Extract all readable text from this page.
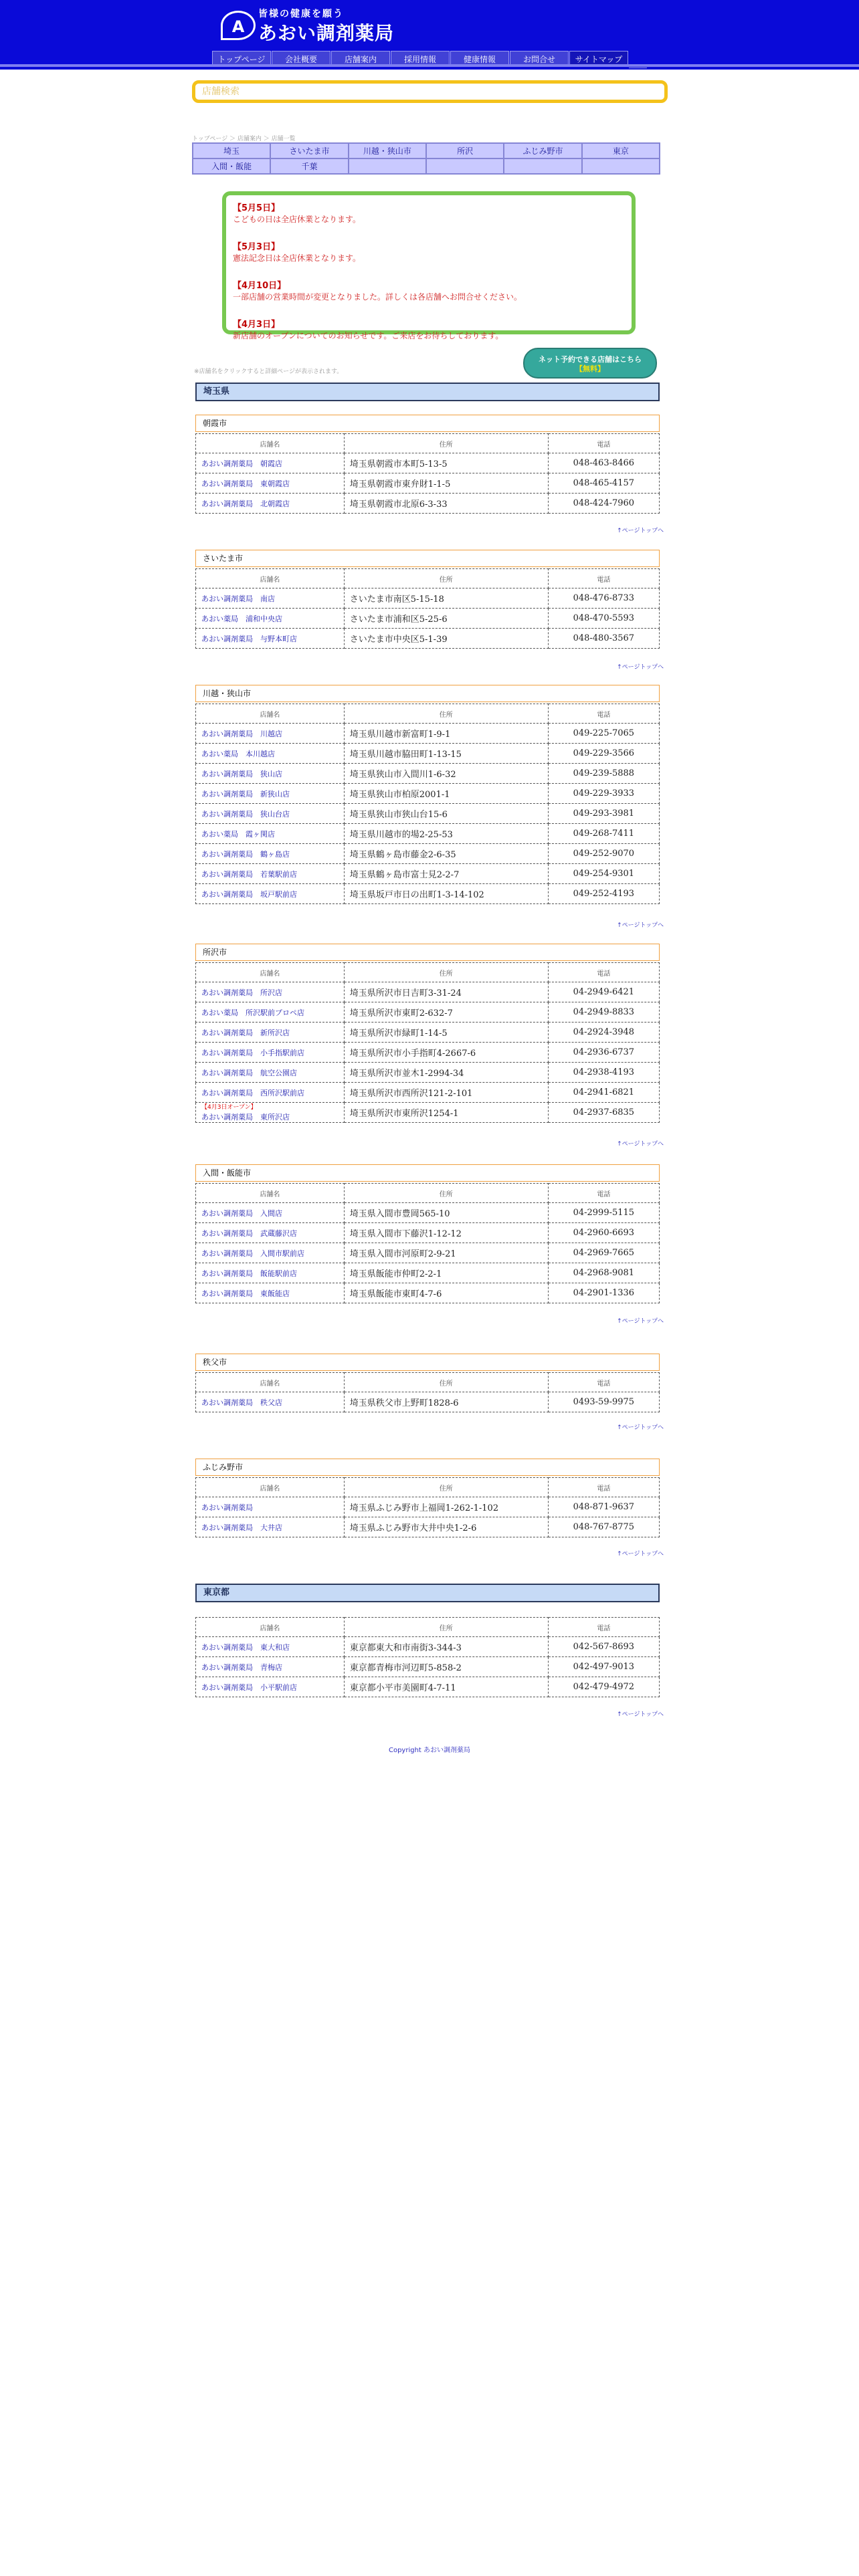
A
皆様の健康を願う
あおい調剤薬局
トップページ	会社概要	店舗案内	採用情報	健康情報	お問合せ	サイトマップ
店舗検索
トップページ ＞ 店舗案内 ＞ 店舗一覧
埼玉	さいたま市	川越・狭山市	所沢	ふじみ野市	東京
入間・飯能	千葉				
【5月5日】
こどもの日は全店休業となります。
【5月3日】
憲法記念日は全店休業となります。
【4月10日】
一部店舗の営業時間が変更となりました。詳しくは各店舗へお問合せください。
【4月3日】
新店舗のオープンについてのお知らせです。ご来店をお待ちしております。
ネット予約できる店舗はこちら
【無料】
※店舗名をクリックすると詳細ページが表示されます。
埼玉県
朝霞市
店舗名	住所	電話
あおい調剤薬局　朝霞店	埼玉県朝霞市本町5-13-5	048-463-8466
あおい調剤薬局　東朝霞店	埼玉県朝霞市東弁財1-1-5	048-465-4157
あおい調剤薬局　北朝霞店	埼玉県朝霞市北原6-3-33	048-424-7960
↑ページトップへ
さいたま市
店舗名	住所	電話
あおい調剤薬局　南店	さいたま市南区5-15-18	048-476-8733
あおい薬局　浦和中央店	さいたま市浦和区5-25-6	048-470-5593
あおい調剤薬局　与野本町店	さいたま市中央区5-1-39	048-480-3567
↑ページトップへ
川越・狭山市
店舗名	住所	電話
あおい調剤薬局　川越店	埼玉県川越市新富町1-9-1	049-225-7065
あおい薬局　本川越店	埼玉県川越市脇田町1-13-15	049-229-3566
あおい調剤薬局　狭山店	埼玉県狭山市入間川1-6-32	049-239-5888
あおい調剤薬局　新狭山店	埼玉県狭山市柏原2001-1	049-229-3933
あおい調剤薬局　狭山台店	埼玉県狭山市狭山台15-6	049-293-3981
あおい薬局　霞ヶ関店	埼玉県川越市的場2-25-53	049-268-7411
あおい調剤薬局　鶴ヶ島店	埼玉県鶴ヶ島市藤金2-6-35	049-252-9070
あおい調剤薬局　若葉駅前店	埼玉県鶴ヶ島市富士見2-2-7	049-254-9301
あおい調剤薬局　坂戸駅前店	埼玉県坂戸市日の出町1-3-14-102	049-252-4193
↑ページトップへ
所沢市
店舗名	住所	電話
あおい調剤薬局　所沢店	埼玉県所沢市日吉町3-31-24	04-2949-6421
あおい薬局　所沢駅前プロペ店	埼玉県所沢市東町2-632-7	04-2949-8833
あおい調剤薬局　新所沢店	埼玉県所沢市緑町1-14-5	04-2924-3948
あおい調剤薬局　小手指駅前店	埼玉県所沢市小手指町4-2667-6	04-2936-6737
あおい調剤薬局　航空公園店	埼玉県所沢市並木1-2994-34	04-2938-4193
あおい調剤薬局　西所沢駅前店	埼玉県所沢市西所沢121-2-101	04-2941-6821

【4月3日オープン】
あおい調剤薬局　東所沢店	埼玉県所沢市東所沢1254-1	04-2937-6835
↑ページトップへ
入間・飯能市
店舗名	住所	電話
あおい調剤薬局　入間店	埼玉県入間市豊岡565-10	04-2999-5115
あおい調剤薬局　武蔵藤沢店	埼玉県入間市下藤沢1-12-12	04-2960-6693
あおい調剤薬局　入間市駅前店	埼玉県入間市河原町2-9-21	04-2969-7665
あおい調剤薬局　飯能駅前店	埼玉県飯能市仲町2-2-1	04-2968-9081
あおい調剤薬局　東飯能店	埼玉県飯能市東町4-7-6	04-2901-1336
↑ページトップへ
秩父市
店舗名	住所	電話
あおい調剤薬局　秩父店	埼玉県秩父市上野町1828-6	0493-59-9975
↑ページトップへ
ふじみ野市
店舗名	住所	電話
あおい調剤薬局	埼玉県ふじみ野市上福岡1-262-1-102	048-871-9637
あおい調剤薬局　大井店	埼玉県ふじみ野市大井中央1-2-6	048-767-8775
↑ページトップへ
東京都
店舗名	住所	電話
あおい調剤薬局　東大和店	東京都東大和市南街3-344-3	042-567-8693
あおい調剤薬局　青梅店	東京都青梅市河辺町5-858-2	042-497-9013
あおい調剤薬局　小平駅前店	東京都小平市美園町4-7-11	042-479-4972
↑ページトップへ
Copyright あおい調剤薬局
